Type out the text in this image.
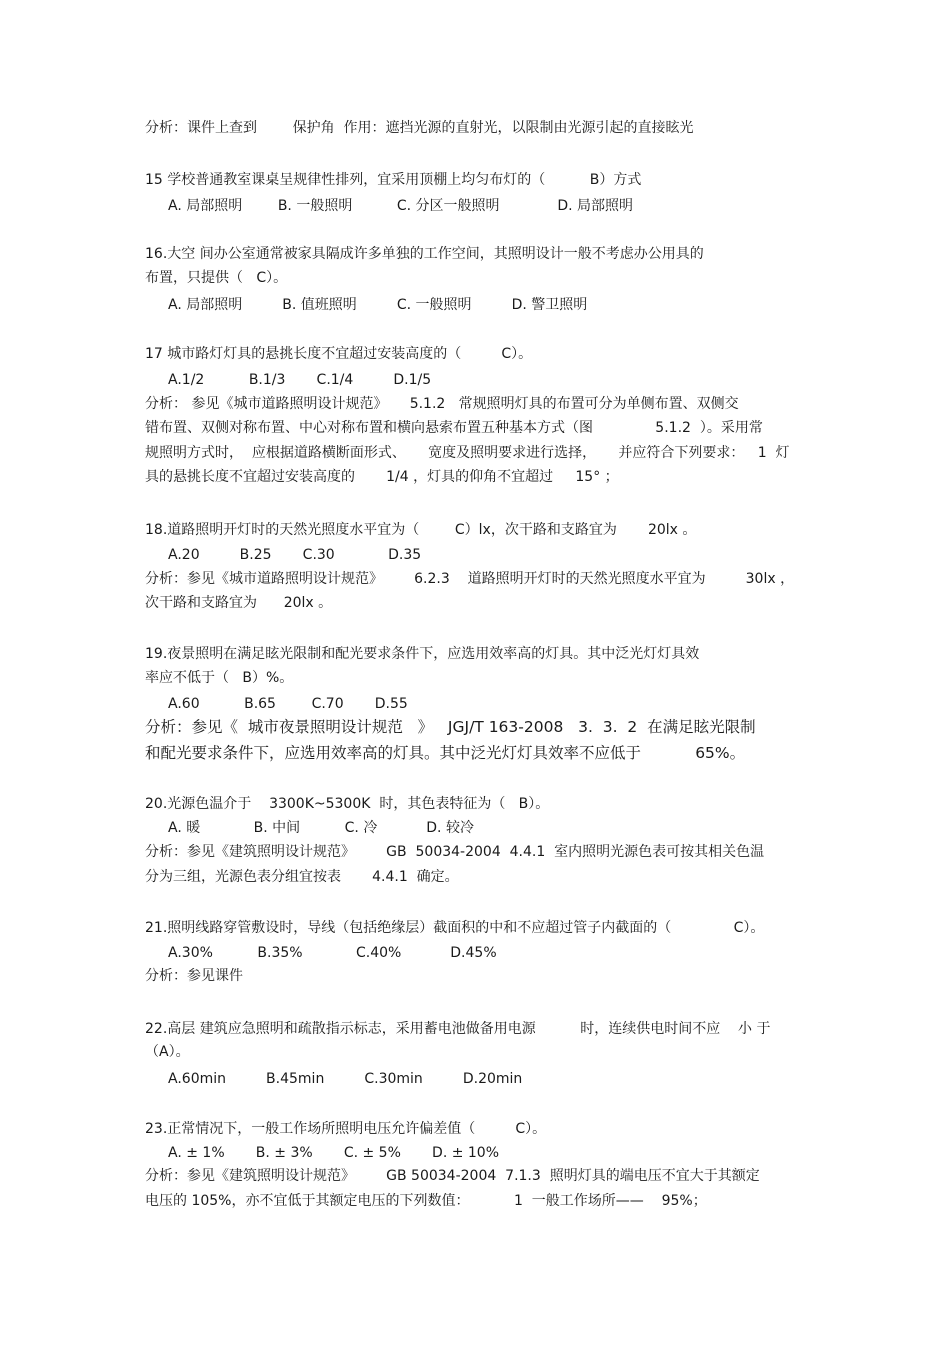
分析：课件上查到        保护角  作用：遮挡光源的直射光，以限制由光源引起的直接眩光
15 学校普通教室课桌呈规律性排列，宜采用顶棚上均匀布灯的（          B）方式
A. 局部照明        B. 一般照明          C. 分区一般照明             D. 局部照明
16.大空 间办公室通常被家具隔成许多单独的工作空间，其照明设计一般不考虑办公用具的
布置，只提供（   C）。
A. 局部照明         B. 值班照明         C. 一般照明         D. 警卫照明
17 城市路灯灯具的悬挑长度不宜超过安装高度的（         C）。
A.1/2          B.1/3       C.1/4         D.1/5
分析： 参见《城市道路照明设计规范》     5.1.2   常规照明灯具的布置可分为单侧布置、双侧交
错布置、双侧对称布置、中心对称布置和横向悬索布置五种基本方式（图              5.1.2  ）。采用常
规照明方式时，  应根据道路横断面形式、     宽度及照明要求进行选择，     并应符合下列要求：   1  灯
具的悬挑长度不宜超过安装高度的       1/4 ，灯具的仰角不宜超过     15° ；
18.道路照明开灯时的天然光照度水平宜为（        C）lx，次干路和支路宜为       20lx 。
A.20         B.25       C.30            D.35
分析：参见《城市道路照明设计规范》       6.2.3    道路照明开灯时的天然光照度水平宜为         30lx ，
次干路和支路宜为      20lx 。
19.夜景照明在满足眩光限制和配光要求条件下，应选用效率高的灯具。其中泛光灯灯具效
率应不低于（   B）%。
A.60          B.65        C.70       D.55
分析：参见《  城市夜景照明设计规范   》   JGJ/T 163-2008   3.  3.  2  在满足眩光限制
和配光要求条件下，应选用效率高的灯具。其中泛光灯灯具效率不应低于           65%。
20.光源色温介于    3300K~5300K  时，其色表特征为（   B）。
A. 暖            B. 中间          C. 冷           D. 较冷
分析：参见《建筑照明设计规范》       GB  50034-2004  4.4.1  室内照明光源色表可按其相关色温
分为三组，光源色表分组宜按表       4.4.1  确定。
21.照明线路穿管敷设时，导线（包括绝缘层）截面积的中和不应超过管子内截面的（              C）。
A.30%          B.35%            C.40%           D.45%
分析：参见课件
22.高层 建筑应急照明和疏散指示标志，采用蓄电池做备用电源          时，连续供电时间不应    小 于
（A）。
A.60min         B.45min         C.30min         D.20min
23.正常情况下，一般工作场所照明电压允许偏差值（         C）。
A. ± 1%       B. ± 3%       C. ± 5%       D. ± 10%
分析：参见《建筑照明设计规范》       GB 50034-2004  7.1.3  照明灯具的端电压不宜大于其额定
电压的 105%，亦不宜低于其额定电压的下列数值：          1  一般工作场所——    95%；
